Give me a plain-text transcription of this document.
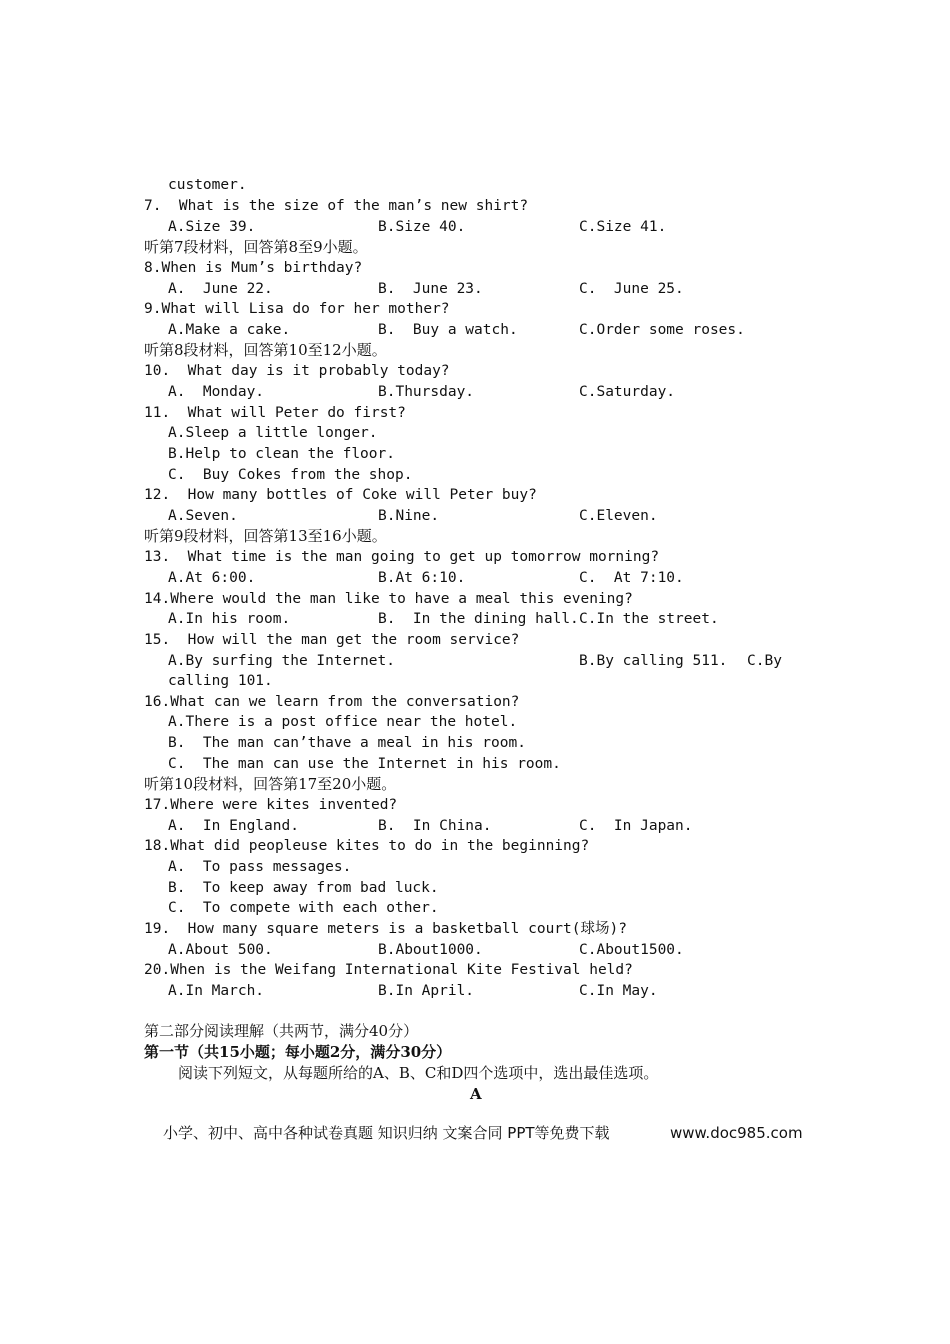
customer.
7.  What is the size of the man’s new shirt?
A.Size 39.	B.Size 40.	C.Size 41.
听第7段材料，回答第8至9小题。
8.When is Mum’s birthday?
A.  June 22.	B.  June 23.	C.  June 25.
9.What will Lisa do for her mother?
A.Make a cake.	B.  Buy a watch.	C.Order some roses.
听第8段材料，回答第10至12小题。
10.  What day is it probably today?
A.  Monday.	B.Thursday.	C.Saturday.
11.  What will Peter do first?
A.Sleep a little longer.
B.Help to clean the floor.
C.  Buy Cokes from the shop.
12.  How many bottles of Coke will Peter buy?
A.Seven.	B.Nine.	C.Eleven.
听第9段材料，回答第13至16小题。
13.  What time is the man going to get up tomorrow morning?
A.At 6:00.	B.At 6:10.	C.  At 7:10.
14.Where would the man like to have a meal this evening?
A.In his room.	B.  In the dining hall. C.In the street.
15.  How will the man get the room service?
A.By surfing the Internet.	B.By calling 511. C.By
calling 101.
16.What can we learn from the conversation?
A.There is a post office near the hotel.
B.  The man can’thave a meal in his room.
C.  The man can use the Internet in his room.
听第10段材料，回答第17至20小题。
17.Where were kites invented?
A.  In England.	B.  In China.	C.  In Japan.
18.What did peopleuse kites to do in the beginning?
A.  To pass messages.
B.  To keep away from bad luck.
C.  To compete with each other.
19.  How many square meters is a basketball court(球场)?
A.About 500.	B.About1000.	C.About1500.
20.When is the Weifang International Kite Festival held?
A.In March.	B.In April.	C.In May.
第二部分阅读理解（共两节，满分40分）
第一节（共15小题；每小题2分，满分30分）
阅读下列短文，从每题所给的A、B、C和D四个选项中，选出最佳选项。
A
小学、初中、高中各种试卷真题 知识归纳 文案合同 PPT等免费下载	www.doc985.com
